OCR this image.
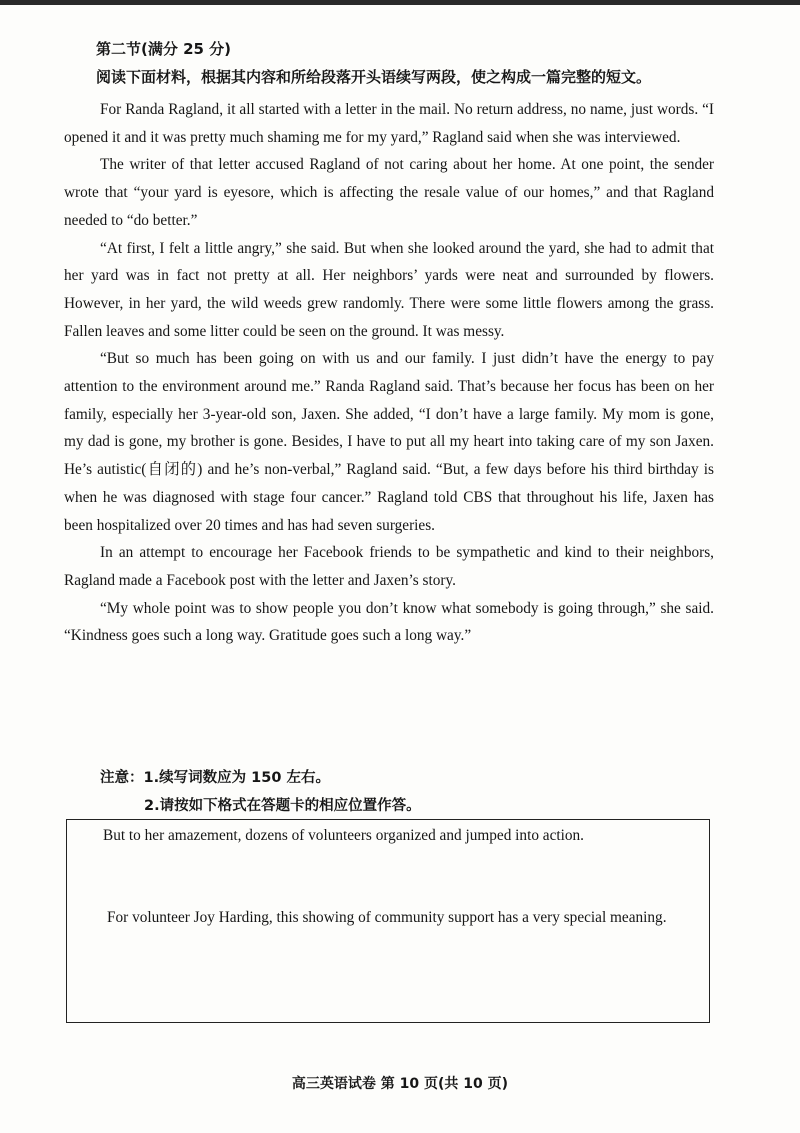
第二节(满分 25 分)
阅读下面材料，根据其内容和所给段落开头语续写两段，使之构成一篇完整的短文。

For Randa Ragland, it all started with a letter in the mail. No return address, no name, just words. “I opened it and it was pretty much shaming me for my yard,” Ragland said when she was interviewed.

The writer of that letter accused Ragland of not caring about her home. At one point, the sender wrote that “your yard is eyesore, which is affecting the resale value of our homes,” and that Ragland needed to “do better.”

“At first, I felt a little angry,” she said. But when she looked around the yard, she had to admit that her yard was in fact not pretty at all. Her neighbors’ yards were neat and surrounded by flowers. However, in her yard, the wild weeds grew randomly. There were some little flowers among the grass. Fallen leaves and some litter could be seen on the ground. It was messy.

“But so much has been going on with us and our family. I just didn’t have the energy to pay attention to the environment around me.” Randa Ragland said. That’s because her focus has been on her family, especially her 3-year-old son, Jaxen. She added, “I don’t have a large family. My mom is gone, my dad is gone, my brother is gone. Besides, I have to put all my heart into taking care of my son Jaxen. He’s autistic(自闭的) and he’s non-verbal,” Ragland said. “But, a few days before his third birthday is when he was diagnosed with stage four cancer.” Ragland told CBS that throughout his life, Jaxen has been hospitalized over 20 times and has had seven surgeries.

In an attempt to encourage her Facebook friends to be sympathetic and kind to their neighbors, Ragland made a Facebook post with the letter and Jaxen’s story.

“My whole point was to show people you don’t know what somebody is going through,” she said. “Kindness goes such a long way. Gratitude goes such a long way.”

注意：1.续写词数应为 150 左右。
2.请按如下格式在答题卡的相应位置作答。
But to her amazement, dozens of volunteers organized and jumped into action.
For volunteer Joy Harding, this showing of community support has a very special meaning.
高三英语试卷 第 10 页(共 10 页)
